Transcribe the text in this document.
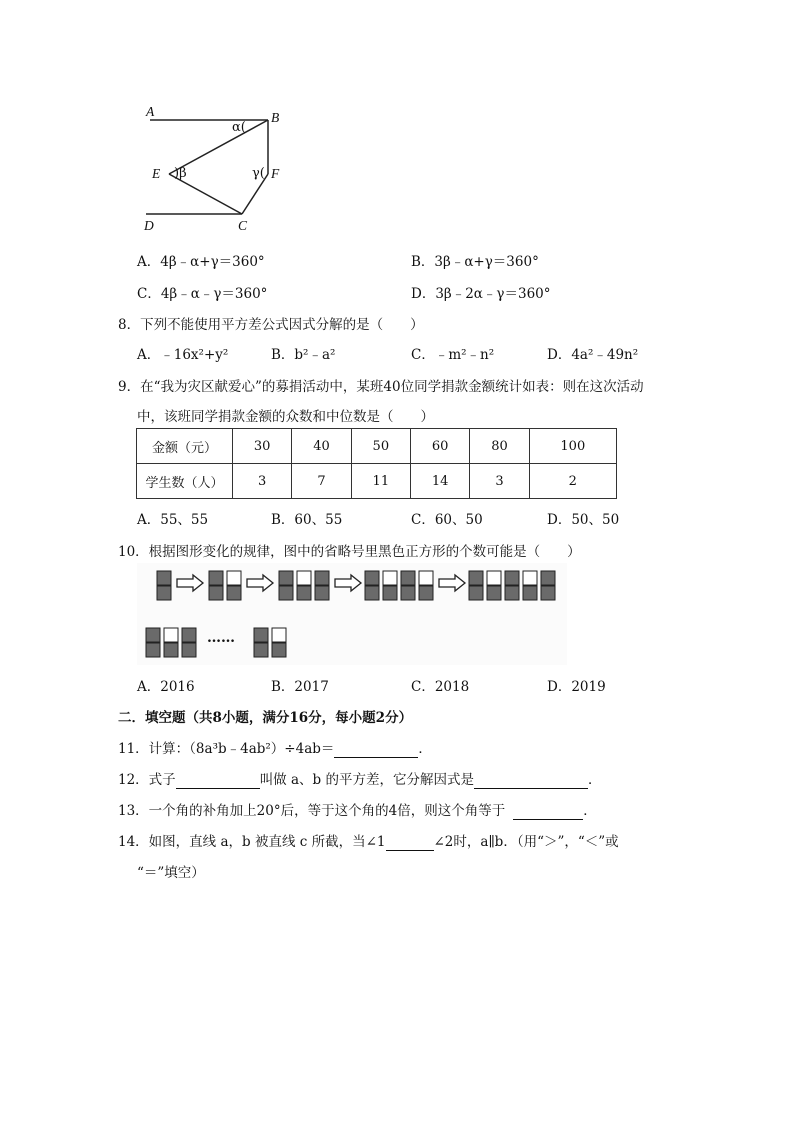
A	B
E	F
D	C
α(
)β	γ(
A．4β﹣α+γ＝360°	B．3β﹣α+γ＝360°
C．4β﹣α﹣γ＝360°	D．3β﹣2α﹣γ＝360°
8．下列不能使用平方差公式因式分解的是（　　）
A．﹣16x²+y²	B．b²﹣a²	C．﹣m²﹣n²	D．4a²﹣49n²
9．在“我为灾区献爱心”的募捐活动中，某班40位同学捐款金额统计如表：则在这次活动
中，该班同学捐款金额的众数和中位数是（　　）
金额（元）	30	40	50	60	80	100
学生数（人）	3	7	11	14	3	2
A．55、55	B．60、55	C．60、50	D．50、50
10．根据图形变化的规律，图中的省略号里黑色正方形的个数可能是（　　）
……
A．2016	B．2017	C．2018	D．2019
二．填空题（共8小题，满分16分，每小题2分）
11．计算：（8a³b﹣4ab²）÷4ab＝	．
12．式子	叫做 a、b 的平方差，它分解因式是	．
13．一个角的补角加上20°后，等于这个角的4倍，则这个角等于	．
14．如图，直线 a，b 被直线 c 所截，当∠1	∠2时，a∥b．（用“＞”，“＜”或
“＝”填空）
